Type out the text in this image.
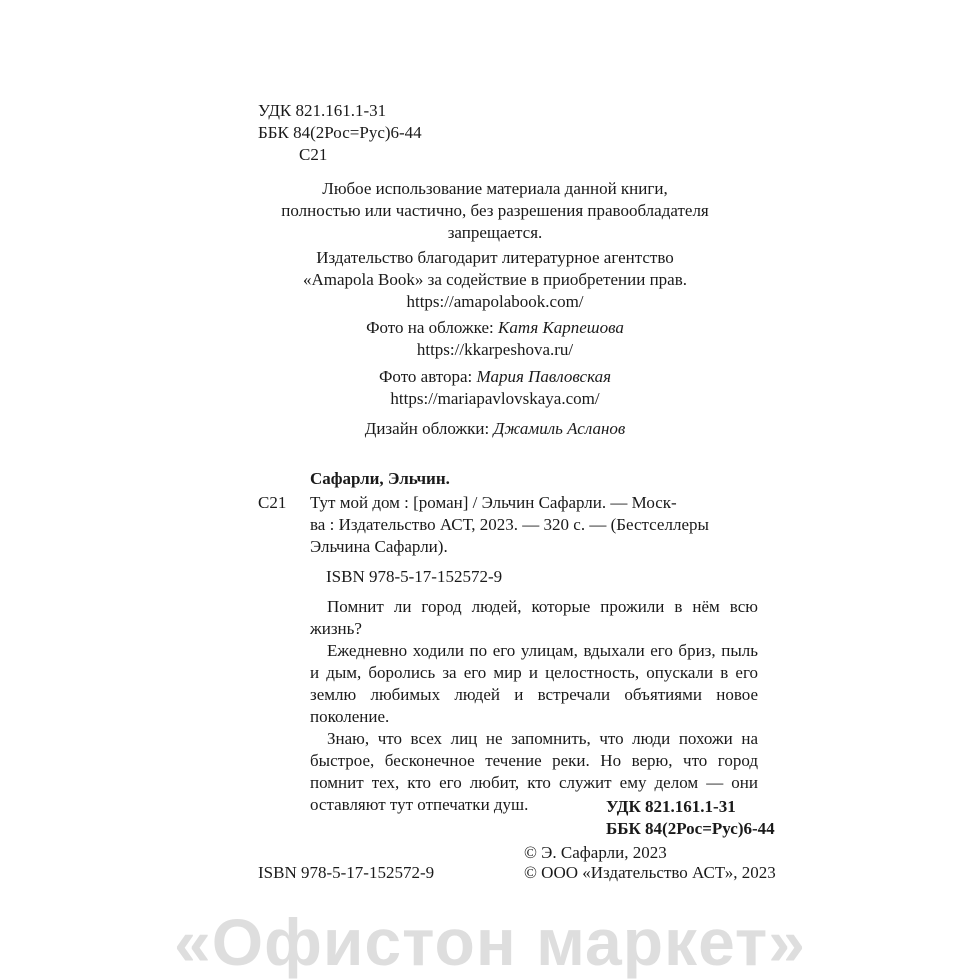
УДК 821.161.1-31
ББК 84(2Рос=Рус)6-44
С21
Любое использование материала данной книги,
полностью или частично, без разрешения правообладателя
запрещается.
Издательство благодарит литературное агентство
«Amapola Book» за содействие в приобретении прав.
https://amapolabook.com/
Фото на обложке: Катя Карпешова
https://kkarpeshova.ru/
Фото автора: Мария Павловская
https://mariapavlovskaya.com/
Дизайн обложки: Джамиль Асланов
Сафарли, Эльчин.
С21 Тут мой дом : [роман] / Эльчин Сафарли. — Моск-
ва : Издательство АСТ, 2023. — 320 с. — (Бестселлеры
Эльчина Сафарли).
ISBN 978-5-17-152572-9
Помнит ли город людей, которые прожили в нём всю жизнь?
Ежедневно ходили по его улицам, вдыхали его бриз, пыль и дым, боролись за его мир и целостность, опускали в его землю любимых людей и встречали объятиями новое поколение.
Знаю, что всех лиц не запомнить, что люди похожи на быстрое, бесконечное течение реки. Но верю, что город помнит тех, кто его любит, кто служит ему делом — они оставляют тут отпечатки душ.	УДК 821.161.1-31
ББК 84(2Рос=Рус)6-44
ISBN 978-5-17-152572-9
© Э. Сафарли, 2023
© ООО «Издательство АСТ», 2023
«Офистон маркет»
